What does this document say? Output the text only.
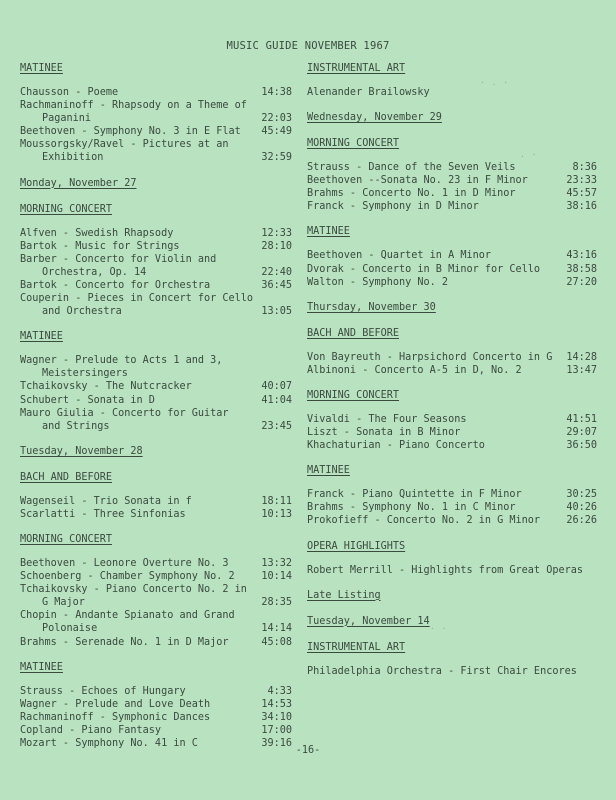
MUSIC GUIDE NOVEMBER 1967
MATINEE
Chausson - Poeme	14:38
Rachmaninoff - Rhapsody on a Theme of
Paganini	22:03
Beethoven - Symphony No. 3 in E Flat	45:49
Moussorgsky/Ravel - Pictures at an
Exhibition	32:59
Monday, November 27
MORNING CONCERT
Alfven - Swedish Rhapsody	12:33
Bartok - Music for Strings	28:10
Barber - Concerto for Violin and
Orchestra, Op. 14	22:40
Bartok - Concerto for Orchestra	36:45
Couperin - Pieces in Concert for Cello
and Orchestra	13:05
MATINEE
Wagner - Prelude to Acts 1 and 3,
Meistersingers
Tchaikovsky - The Nutcracker	40:07
Schubert - Sonata in D	41:04
Mauro Giulia - Concerto for Guitar
and Strings	23:45
Tuesday, November 28
BACH AND BEFORE
Wagenseil - Trio Sonata in f	18:11
Scarlatti - Three Sinfonias	10:13
MORNING CONCERT
Beethoven - Leonore Overture No. 3	13:32
Schoenberg - Chamber Symphony No. 2	10:14
Tchaikovsky - Piano Concerto No. 2 in
G Major	28:35
Chopin - Andante Spianato and Grand
Polonaise	14:14
Brahms - Serenade No. 1 in D Major	45:08
MATINEE
Strauss - Echoes of Hungary	4:33
Wagner - Prelude and Love Death	14:53
Rachmaninoff - Symphonic Dances	34:10
Copland - Piano Fantasy	17:00
Mozart - Symphony No. 41 in C	39:16
INSTRUMENTAL ART
Alenander Brailowsky
Wednesday, November 29
MORNING CONCERT
Strauss - Dance of the Seven Veils	8:36
Beethoven --Sonata No. 23 in F Minor	23:33
Brahms - Concerto No. 1 in D Minor	45:57
Franck - Symphony in D Minor	38:16
MATINEE
Beethoven - Quartet in A Minor	43:16
Dvorak - Concerto in B Minor for Cello	38:58
Walton - Symphony No. 2	27:20
Thursday, November 30
BACH AND BEFORE
Von Bayreuth - Harpsichord Concerto in G	14:28
Albinoni - Concerto A-5 in D, No. 2	13:47
MORNING CONCERT
Vivaldi - The Four Seasons	41:51
Liszt - Sonata in B Minor	29:07
Khachaturian - Piano Concerto	36:50
MATINEE
Franck - Piano Quintette in F Minor	30:25
Brahms - Symphony No. 1 in C Minor	40:26
Prokofieff - Concerto No. 2 in G Minor	26:26
OPERA HIGHLIGHTS
Robert Merrill - Highlights from Great Operas
Late Listing
Tuesday, November 14
INSTRUMENTAL ART
Philadelphia Orchestra - First Chair Encores
-16-
· . ·
. ·
· ·
